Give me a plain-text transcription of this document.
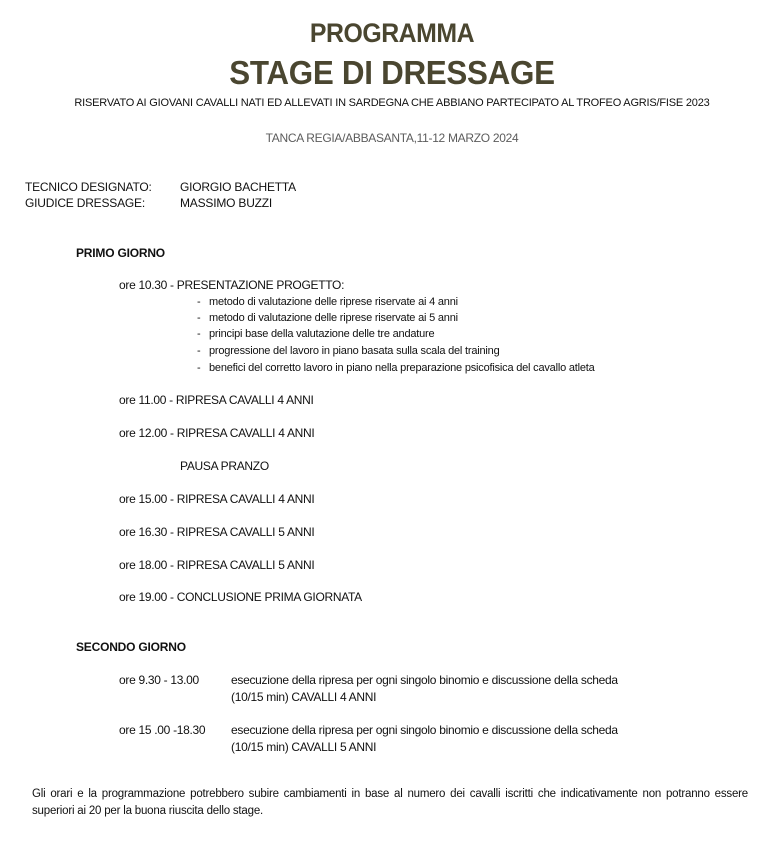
PROGRAMMA
STAGE DI DRESSAGE
RISERVATO AI GIOVANI CAVALLI NATI ED ALLEVATI IN SARDEGNA CHE ABBIANO PARTECIPATO AL TROFEO AGRIS/FISE 2023
TANCA REGIA/ABBASANTA,11-12 MARZO 2024
TECNICO DESIGNATO: GIORGIO BACHETTA
GIUDICE DRESSAGE:	MASSIMO BUZZI
PRIMO GIORNO
ore 10.30 - PRESENTAZIONE PROGETTO:
- metodo di valutazione delle riprese riservate ai 4 anni
- metodo di valutazione delle riprese riservate ai 5 anni
- principi base della valutazione delle tre andature
- progressione del lavoro in piano basata sulla scala del training
- benefici del corretto lavoro in piano nella preparazione psicofisica del cavallo atleta
ore 11.00 - RIPRESA CAVALLI 4 ANNI
ore 12.00 - RIPRESA CAVALLI 4 ANNI
PAUSA PRANZO
ore 15.00 - RIPRESA CAVALLI 4 ANNI
ore 16.30 - RIPRESA CAVALLI 5 ANNI
ore 18.00 - RIPRESA CAVALLI 5 ANNI
ore 19.00 - CONCLUSIONE PRIMA GIORNATA
SECONDO GIORNO
ore 9.30 - 13.00	esecuzione della ripresa per ogni singolo binomio e discussione della scheda
(10/15 min) CAVALLI 4 ANNI
ore 15 .00 -18.30 esecuzione della ripresa per ogni singolo binomio e discussione della scheda
(10/15 min) CAVALLI 5 ANNI
Gli orari e la programmazione potrebbero subire cambiamenti in base al numero dei cavalli iscritti che indicativamente non potranno essere superiori ai 20 per la buona riuscita dello stage.
